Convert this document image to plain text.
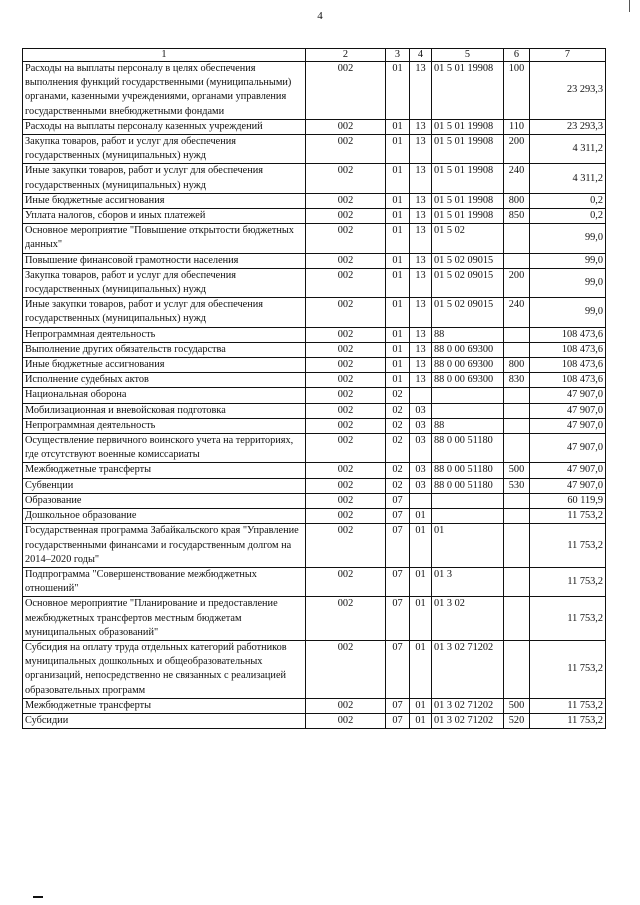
4
1	2	3	4	5	6	7
Расходы на выплаты персоналу в целях обеспечения выполнения функций государственными (муниципальными) органами, казенными учреждениями, органами управления государственными внебюджетными фондами	002	01	13	01 5 01 19908	100	23 293,3
Расходы на выплаты персоналу казенных учреждений	002	01	13	01 5 01 19908	110	23 293,3
Закупка товаров, работ и услуг для обеспечения государственных (муниципальных) нужд	002	01	13	01 5 01 19908	200	4 311,2
Иные закупки товаров, работ и услуг для обеспечения государственных (муниципальных) нужд	002	01	13	01 5 01 19908	240	4 311,2
Иные бюджетные ассигнования	002	01	13	01 5 01 19908	800	0,2
Уплата налогов, сборов и иных платежей	002	01	13	01 5 01 19908	850	0,2
Основное мероприятие "Повышение открытости бюджетных данных"	002	01	13	01 5 02		99,0
Повышение финансовой грамотности населения	002	01	13	01 5 02 09015		99,0
Закупка товаров, работ и услуг для обеспечения государственных (муниципальных) нужд	002	01	13	01 5 02 09015	200	99,0
Иные закупки товаров, работ и услуг для обеспечения государственных (муниципальных) нужд	002	01	13	01 5 02 09015	240	99,0
Непрограммная деятельность	002	01	13	88		108 473,6
Выполнение других обязательств государства	002	01	13	88 0 00 69300		108 473,6
Иные бюджетные ассигнования	002	01	13	88 0 00 69300	800	108 473,6
Исполнение судебных актов	002	01	13	88 0 00 69300	830	108 473,6
Национальная оборона	002	02				47 907,0
Мобилизационная и вневойсковая подготовка	002	02	03			47 907,0
Непрограммная деятельность	002	02	03	88		47 907,0
Осуществление первичного воинского учета на территориях, где отсутствуют военные комиссариаты	002	02	03	88 0 00 51180		47 907,0
Межбюджетные трансферты	002	02	03	88 0 00 51180	500	47 907,0
Субвенции	002	02	03	88 0 00 51180	530	47 907,0
Образование	002	07				60 119,9
Дошкольное образование	002	07	01			11 753,2
Государственная программа Забайкальского края "Управление государственными финансами и государственным долгом на 2014–2020 годы"	002	07	01	01		11 753,2
Подпрограмма "Совершенствование межбюджетных отношений"	002	07	01	01 3		11 753,2
Основное мероприятие "Планирование и предоставление межбюджетных трансфертов местным бюджетам муниципальных образований"	002	07	01	01 3 02		11 753,2
Субсидия на оплату труда отдельных категорий работников муниципальных дошкольных и общеобразовательных организаций, непосредственно не связанных с реализацией образовательных программ	002	07	01	01 3 02 71202		11 753,2
Межбюджетные трансферты	002	07	01	01 3 02 71202	500	11 753,2
Субсидии	002	07	01	01 3 02 71202	520	11 753,2
